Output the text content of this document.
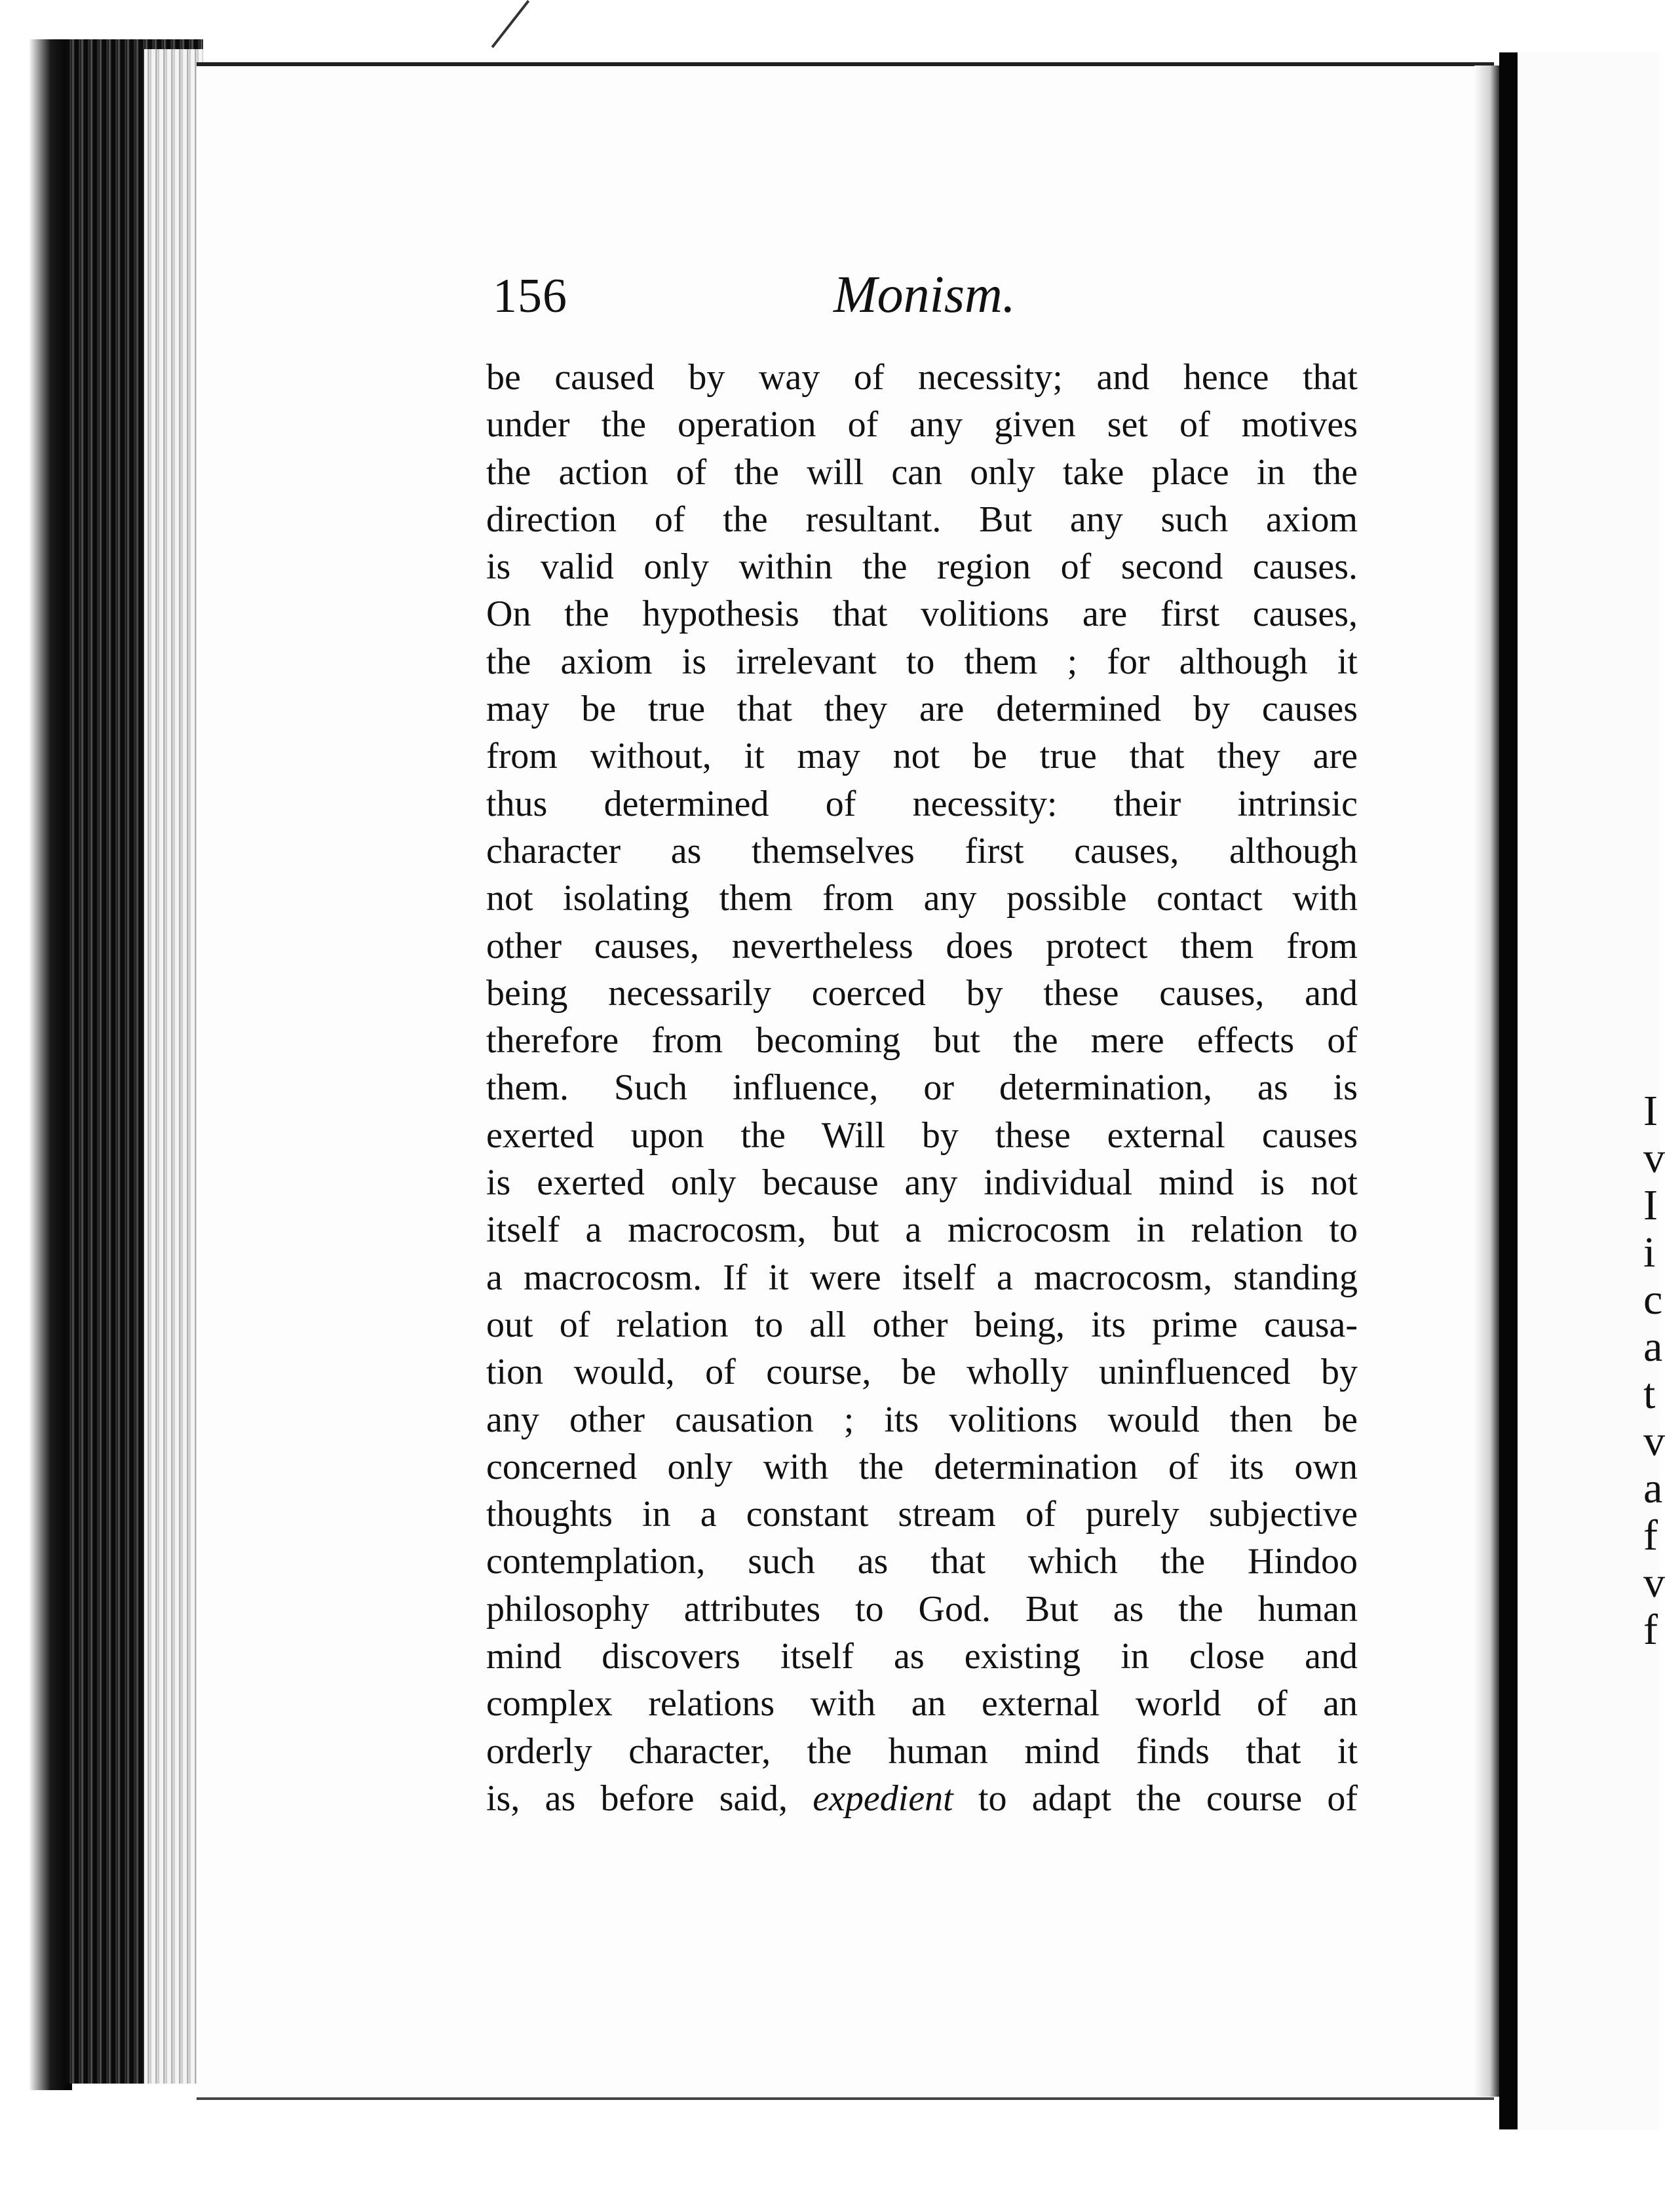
I
v
I
i
c
a
t
v
a
f
v
f
156	Monism.
be caused by way of necessity; and hence that
under the operation of any given set of motives
the action of the will can only take place in the
direction of the resultant. But any such axiom
is valid only within the region of second causes.
On the hypothesis that volitions are first causes,
the axiom is irrelevant to them ; for although it
may be true that they are determined by causes
from without, it may not be true that they are
thus determined of necessity: their intrinsic
character as themselves first causes, although
not isolating them from any possible contact with
other causes, nevertheless does protect them from
being necessarily coerced by these causes, and
therefore from becoming but the mere effects of
them. Such influence, or determination, as is
exerted upon the Will by these external causes
is exerted only because any individual mind is not
itself a macrocosm, but a microcosm in relation to
a macrocosm. If it were itself a macrocosm, standing
out of relation to all other being, its prime causa-
tion would, of course, be wholly uninfluenced by
any other causation ; its volitions would then be
concerned only with the determination of its own
thoughts in a constant stream of purely subjective
contemplation, such as that which the Hindoo
philosophy attributes to God. But as the human
mind discovers itself as existing in close and
complex relations with an external world of an
orderly character, the human mind finds that it
is, as before said, expedient to adapt the course of
